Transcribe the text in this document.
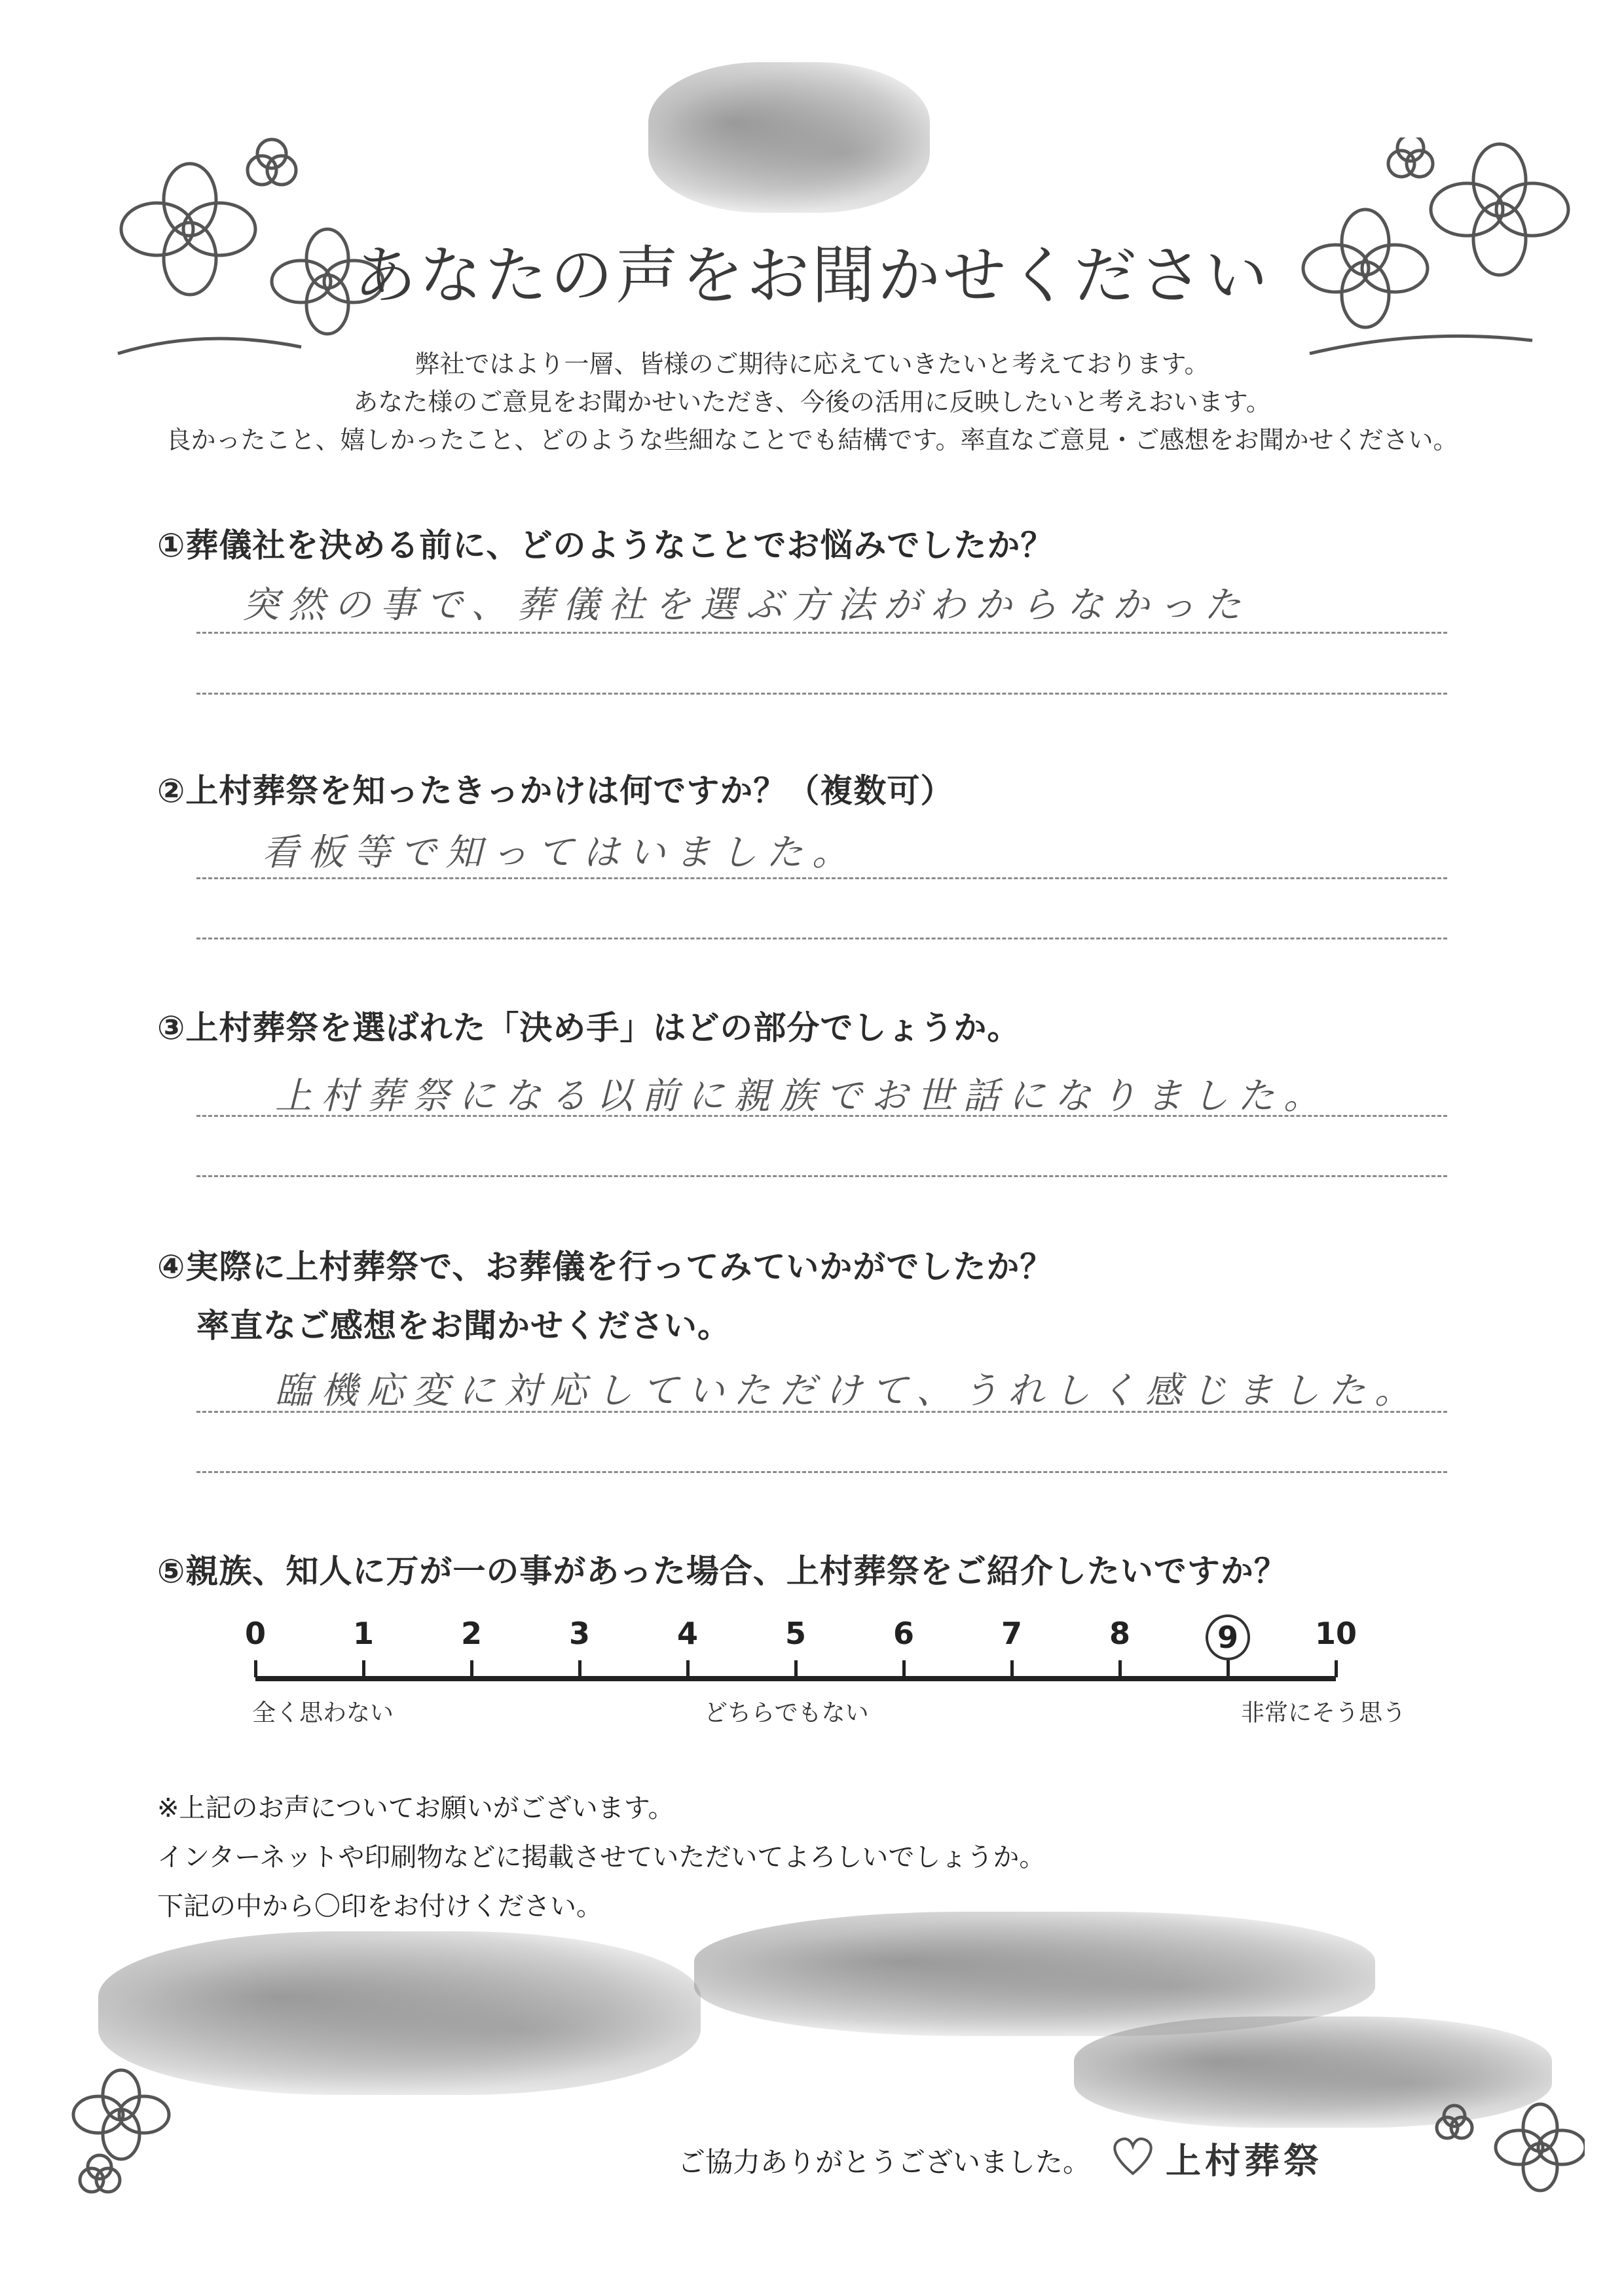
あなたの声をお聞かせください
弊社ではより一層、皆様のご期待に応えていきたいと考えております。
あなた様のご意見をお聞かせいただき、今後の活用に反映したいと考えおいます。
良かったこと、嬉しかったこと、どのような些細なことでも結構です。率直なご意見・ご感想をお聞かせください。
①葬儀社を決める前に、どのようなことでお悩みでしたか？
突然の事で、葬儀社を選ぶ方法がわからなかった
②上村葬祭を知ったきっかけは何ですか？（複数可）
看板等で知ってはいました。
③上村葬祭を選ばれた「決め手」はどの部分でしょうか。
上村葬祭になる以前に親族でお世話になりました。
④実際に上村葬祭で、お葬儀を行ってみていかがでしたか？
率直なご感想をお聞かせください。
臨機応変に対応していただけて、うれしく感じました。
⑤親族、知人に万が一の事があった場合、上村葬祭をご紹介したいですか？
0	1	2	3	4	5	6	7	8	9	10
全く思わない	どちらでもない	非常にそう思う
※上記のお声についてお願いがございます。
インターネットや印刷物などに掲載させていただいてよろしいでしょうか。
下記の中から〇印をお付けください。
ご協力ありがとうございました。 上村葬祭
